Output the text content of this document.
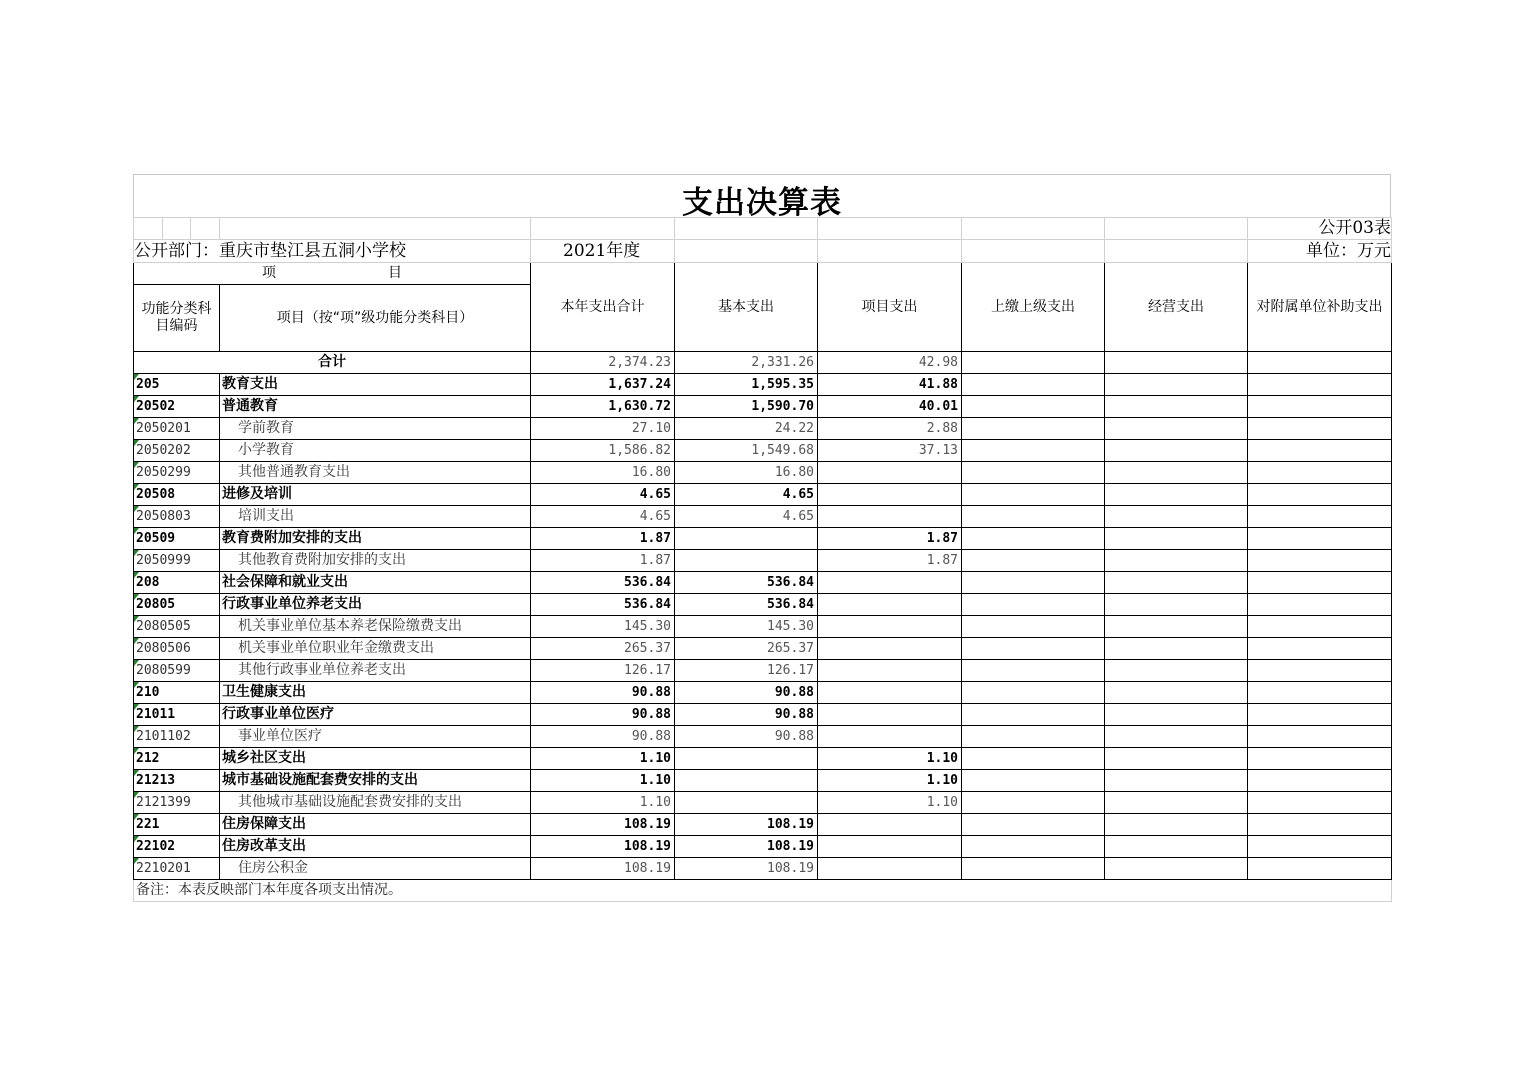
支出决算表
									公开03表
公开部门：重庆市垫江县五洞小学校				2021年度					单位：万元
项　　　　　　　　目				本年支出合计	基本支出	项目支出	上缴上级支出	经营支出	对附属单位补助支出
功能分类科目编码			项目（按“项”级功能分类科目）						
合计				2,374.23	2,331.26	42.98			
205			教育支出	1,637.24	1,595.35	41.88			
20502			普通教育	1,630.72	1,590.70	40.01			
2050201			学前教育	27.10	24.22	2.88			
2050202			小学教育	1,586.82	1,549.68	37.13			
2050299			其他普通教育支出	16.80	16.80				
20508			进修及培训	4.65	4.65				
2050803			培训支出	4.65	4.65				
20509			教育费附加安排的支出	1.87		1.87			
2050999			其他教育费附加安排的支出	1.87		1.87			
208			社会保障和就业支出	536.84	536.84				
20805			行政事业单位养老支出	536.84	536.84				
2080505			机关事业单位基本养老保险缴费支出	145.30	145.30				
2080506			机关事业单位职业年金缴费支出	265.37	265.37				
2080599			其他行政事业单位养老支出	126.17	126.17				
210			卫生健康支出	90.88	90.88				
21011			行政事业单位医疗	90.88	90.88				
2101102			事业单位医疗	90.88	90.88				
212			城乡社区支出	1.10		1.10			
21213			城市基础设施配套费安排的支出	1.10		1.10			
2121399			其他城市基础设施配套费安排的支出	1.10		1.10			
221			住房保障支出	108.19	108.19				
22102			住房改革支出	108.19	108.19				
2210201			住房公积金	108.19	108.19				
备注：本表反映部门本年度各项支出情况。									
